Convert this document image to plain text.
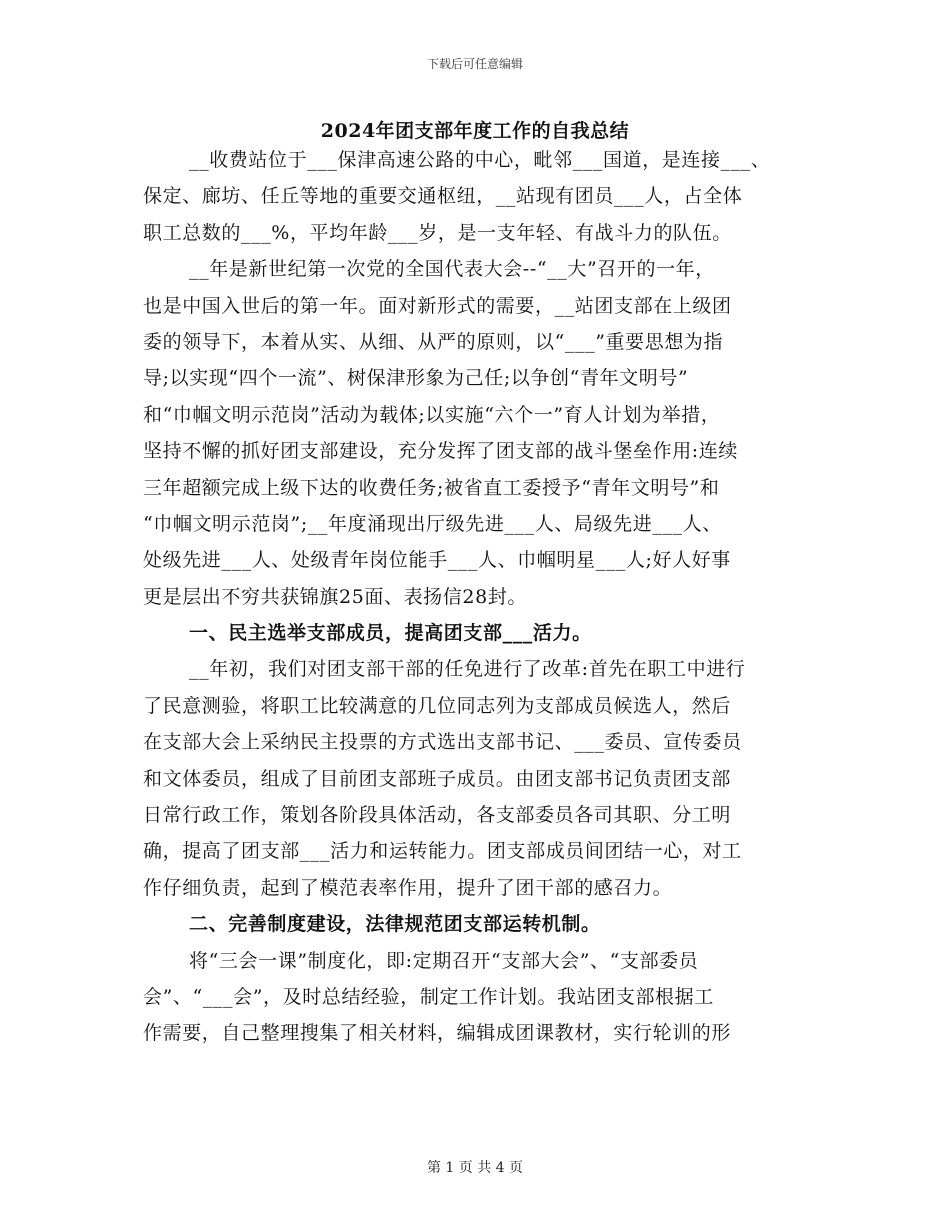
下载后可任意编辑
2024年团支部年度工作的自我总结
__收费站位于___保津高速公路的中心，毗邻___国道，是连接___、
保定、廊坊、任丘等地的重要交通枢纽，__站现有团员___人，占全体
职工总数的___%，平均年龄___岁，是一支年轻、有战斗力的队伍。
__年是新世纪第一次党的全国代表大会--“__大”召开的一年，
也是中国入世后的第一年。面对新形式的需要，__站团支部在上级团
委的领导下，本着从实、从细、从严的原则，以“___”重要思想为指
导;以实现“四个一流”、树保津形象为己任;以争创“青年文明号”
和“巾帼文明示范岗”活动为载体;以实施“六个一”育人计划为举措，
坚持不懈的抓好团支部建设，充分发挥了团支部的战斗堡垒作用:连续
三年超额完成上级下达的收费任务;被省直工委授予“青年文明号”和
“巾帼文明示范岗”;__年度涌现出厅级先进___人、局级先进___人、
处级先进___人、处级青年岗位能手___人、巾帼明星___人;好人好事
更是层出不穷共获锦旗25面、表扬信28封。
一、民主选举支部成员，提高团支部___活力。
__年初，我们对团支部干部的任免进行了改革:首先在职工中进行
了民意测验，将职工比较满意的几位同志列为支部成员候选人，然后
在支部大会上采纳民主投票的方式选出支部书记、___委员、宣传委员
和文体委员，组成了目前团支部班子成员。由团支部书记负责团支部
日常行政工作，策划各阶段具体活动，各支部委员各司其职、分工明
确，提高了团支部___活力和运转能力。团支部成员间团结一心，对工
作仔细负责，起到了模范表率作用，提升了团干部的感召力。
二、完善制度建设，法律规范团支部运转机制。
将“三会一课”制度化，即:定期召开“支部大会”、“支部委员
会”、“___会”，及时总结经验，制定工作计划。我站团支部根据工
作需要，自己整理搜集了相关材料，编辑成团课教材，实行轮训的形
第 1 页 共 4 页
